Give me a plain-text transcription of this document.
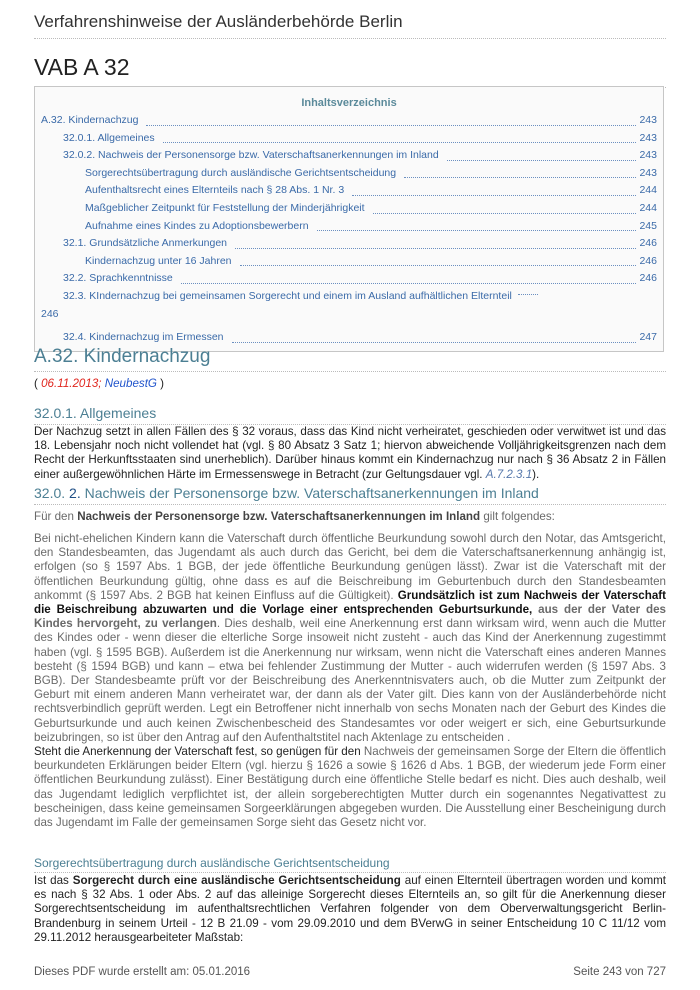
Verfahrenshinweise der Ausländerbehörde Berlin
VAB A 32
Inhaltsverzeichnis
A.32. Kindernachzug	243
32.0.1. Allgemeines	243
32.0.2. Nachweis der Personensorge bzw. Vaterschaftsanerkennungen im Inland	243
Sorgerechtsübertragung durch ausländische Gerichtsentscheidung	243
Aufenthaltsrecht eines Elternteils nach § 28 Abs. 1 Nr. 3	244
Maßgeblicher Zeitpunkt für Feststellung der Minderjährigkeit	244
Aufnahme eines Kindes zu Adoptionsbewerbern	245
32.1. Grundsätzliche Anmerkungen	246
Kindernachzug unter 16 Jahren	246
32.2. Sprachkenntnisse	246
32.3. KIndernachzug bei gemeinsamen Sorgerecht und einem im Ausland aufhältlichen Elternteil
246
32.4. Kindernachzug im Ermessen	247
A.32. Kindernachzug
( 06.11.2013; NeubestG )
32.0.1. Allgemeines
Der Nachzug setzt in allen Fällen des § 32 voraus, dass das Kind nicht verheiratet, geschieden oder verwitwet ist und das 18. Lebensjahr noch nicht vollendet hat (vgl. § 80 Absatz 3 Satz 1; hiervon abweichende Volljährigkeitsgrenzen nach dem Recht der Herkunftsstaaten sind unerheblich). Darüber hinaus kommt ein Kindernachzug nur nach § 36 Absatz 2 in Fällen einer außergewöhnlichen Härte im Ermessenswege in Betracht (zur Geltungsdauer vgl. A.7.2.3.1).
32.0. 2. Nachweis der Personensorge bzw. Vaterschaftsanerkennungen im Inland
Für den Nachweis der Personensorge bzw. Vaterschaftsanerkennungen im Inland gilt folgendes:
Bei nicht-ehelichen Kindern kann die Vaterschaft durch öffentliche Beurkundung sowohl durch den Notar, das Amtsgericht, den Standesbeamten, das Jugendamt als auch durch das Gericht, bei dem die Vaterschaftsanerkennung anhängig ist, erfolgen (so § 1597 Abs. 1 BGB, der jede öffentliche Beurkundung genügen lässt). Zwar ist die Vaterschaft mit der öffentlichen Beurkundung gültig, ohne dass es auf die Beischreibung im Geburtenbuch durch den Standesbeamten ankommt (§ 1597 Abs. 2 BGB hat keinen Einfluss auf die Gültigkeit). Grundsätzlich ist zum Nachweis der Vaterschaft die Beischreibung abzuwarten und die Vorlage einer entsprechenden Geburtsurkunde, aus der der Vater des Kindes hervorgeht, zu verlangen. Dies deshalb, weil eine Anerkennung erst dann wirksam wird, wenn auch die Mutter des Kindes oder - wenn dieser die elterliche Sorge insoweit nicht zusteht - auch das Kind der Anerkennung zugestimmt haben (vgl. § 1595 BGB). Außerdem ist die Anerkennung nur wirksam, wenn nicht die Vaterschaft eines anderen Mannes besteht (§ 1594 BGB) und kann – etwa bei fehlender Zustimmung der Mutter - auch widerrufen werden (§ 1597 Abs. 3 BGB). Der Standesbeamte prüft vor der Beischreibung des Anerkenntnisvaters auch, ob die Mutter zum Zeitpunkt der Geburt mit einem anderen Mann verheiratet war, der dann als der Vater gilt. Dies kann von der Ausländerbehörde nicht rechtsverbindlich geprüft werden. Legt ein Betroffener nicht innerhalb von sechs Monaten nach der Geburt des Kindes die Geburtsurkunde und auch keinen Zwischenbescheid des Standesamtes vor oder weigert er sich, eine Geburtsurkunde beizubringen, so ist über den Antrag auf den Aufenthaltstitel nach Aktenlage zu entscheiden .
Steht die Anerkennung der Vaterschaft fest, so genügen für den Nachweis der gemeinsamen Sorge der Eltern die öffentlich beurkundeten Erklärungen beider Eltern (vgl. hierzu § 1626 a sowie § 1626 d Abs. 1 BGB, der wiederum jede Form einer öffentlichen Beurkundung zulässt). Einer Bestätigung durch eine öffentliche Stelle bedarf es nicht. Dies auch deshalb, weil das Jugendamt lediglich verpflichtet ist, der allein sorgeberechtigten Mutter durch ein sogenanntes Negativattest zu bescheinigen, dass keine gemeinsamen Sorgeerklärungen abgegeben wurden. Die Ausstellung einer Bescheinigung durch das Jugendamt im Falle der gemeinsamen Sorge sieht das Gesetz nicht vor.
Sorgerechtsübertragung durch ausländische Gerichtsentscheidung
Ist das Sorgerecht durch eine ausländische Gerichtsentscheidung auf einen Elternteil übertragen worden und kommt es nach § 32 Abs. 1 oder Abs. 2 auf das alleinige Sorgerecht dieses Elternteils an, so gilt für die Anerkennung dieser Sorgerechtsentscheidung im aufenthaltsrechtlichen Verfahren folgender von dem Oberverwaltungsgericht Berlin-Brandenburg in seinem Urteil - 12 B 21.09 - vom 29.09.2010 und dem BVerwG in seiner Entscheidung 10 C 11/12 vom 29.11.2012 herausgearbeiteter Maßstab:
Dieses PDF wurde erstellt am: 05.01.2016	Seite 243 von 727
